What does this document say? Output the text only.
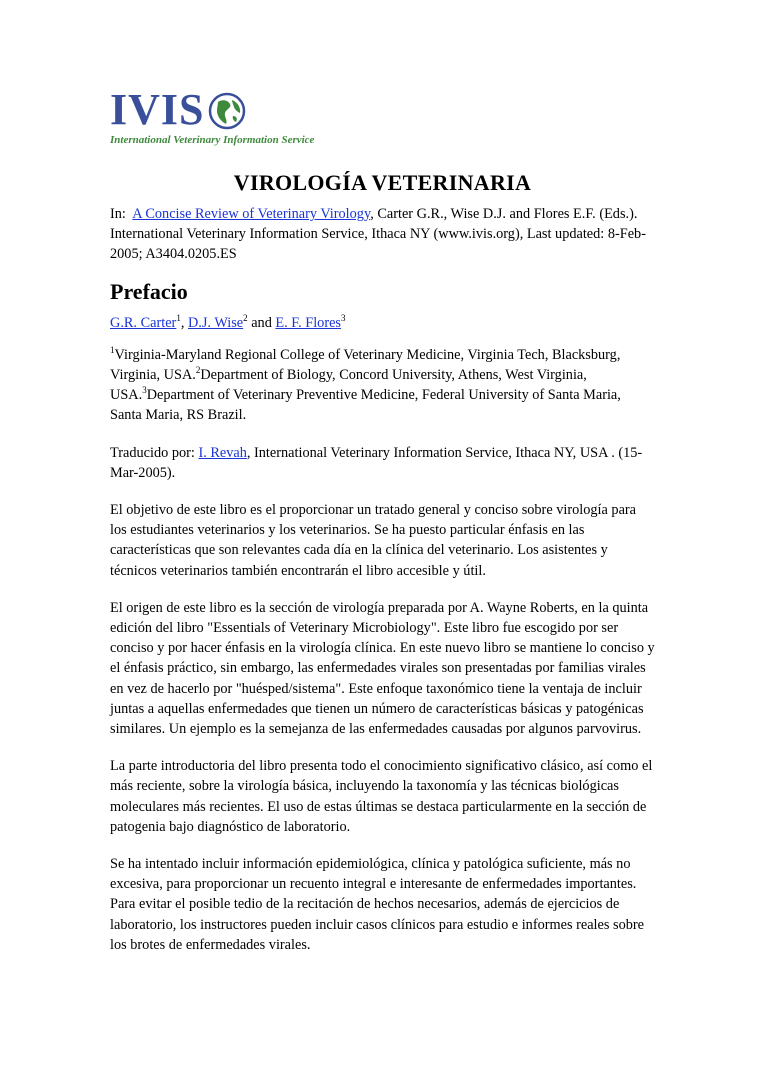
IVIS
International Veterinary Information Service
VIROLOGÍA VETERINARIA

In: A Concise Review of Veterinary Virology, Carter G.R., Wise D.J. and Flores E.F. (Eds.). International Veterinary Information Service, Ithaca NY (www.ivis.org), Last updated: 8-Feb-2005; A3404.0205.ES

Prefacio

G.R. Carter$^1$, D.J. Wise$^2$ and E. F. Flores$^3$

$^1$Virginia-Maryland Regional College of Veterinary Medicine, Virginia Tech, Blacksburg, Virginia, USA.$^2$Department of Biology, Concord University, Athens, West Virginia, USA.$^3$Department of Veterinary Preventive Medicine, Federal University of Santa Maria, Santa Maria, RS Brazil.

Traducido por: I. Revah, International Veterinary Information Service, Ithaca NY, USA . (15-Mar-2005).

El objetivo de este libro es el proporcionar un tratado general y conciso sobre virología para los estudiantes veterinarios y los veterinarios. Se ha puesto particular énfasis en las características que son relevantes cada día en la clínica del veterinario. Los asistentes y técnicos veterinarios también encontrarán el libro accesible y útil.

El origen de este libro es la sección de virología preparada por A. Wayne Roberts, en la quinta edición del libro "Essentials of Veterinary Microbiology". Este libro fue escogido por ser conciso y por hacer énfasis en la virología clínica. En este nuevo libro se mantiene lo conciso y el énfasis práctico, sin embargo, las enfermedades virales son presentadas por familias virales en vez de hacerlo por "huésped/sistema". Este enfoque taxonómico tiene la ventaja de incluir juntas a aquellas enfermedades que tienen un número de características básicas y patogénicas similares. Un ejemplo es la semejanza de las enfermedades causadas por algunos parvovirus.

La parte introductoria del libro presenta todo el conocimiento significativo clásico, así como el más reciente, sobre la virología básica, incluyendo la taxonomía y las técnicas biológicas moleculares más recientes. El uso de estas últimas se destaca particularmente en la sección de patogenia bajo diagnóstico de laboratorio.

Se ha intentado incluir información epidemiológica, clínica y patológica suficiente, más no excesiva, para proporcionar un recuento integral e interesante de enfermedades importantes. Para evitar el posible tedio de la recitación de hechos necesarios, además de ejercicios de laboratorio, los instructores pueden incluir casos clínicos para estudio e informes reales sobre los brotes de enfermedades virales.
